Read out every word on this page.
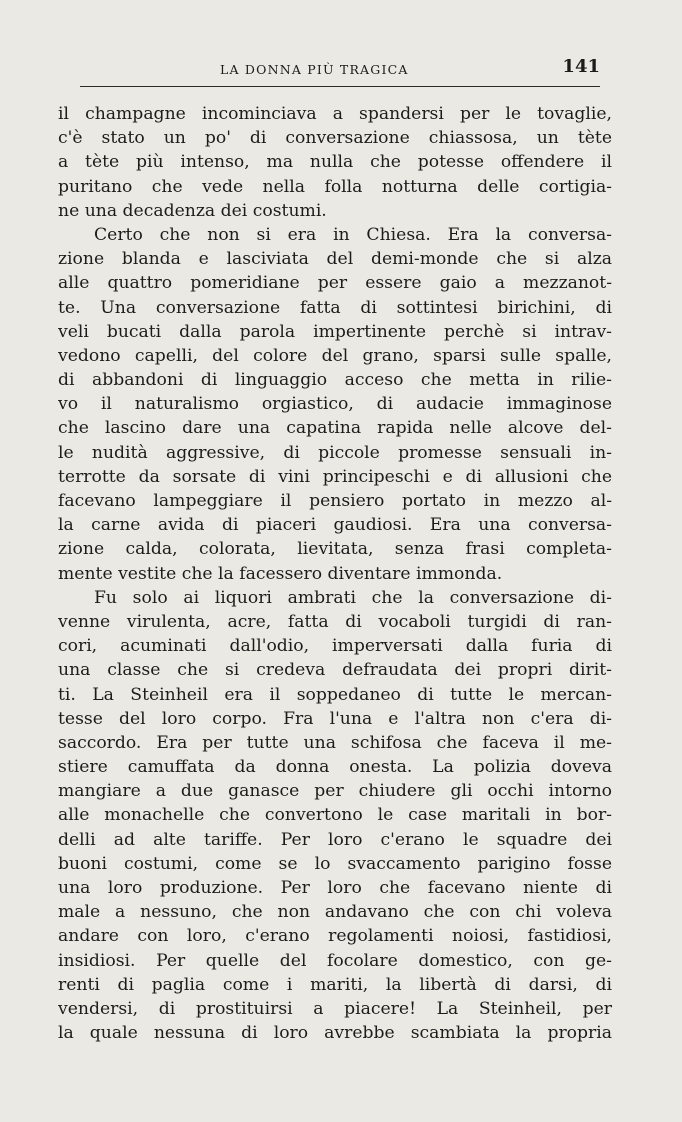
LA DONNA PIÙ TRAGICA	141
il champagne incominciava a spandersi per le tovaglie,
c'è stato un po' di conversazione chiassosa, un tète
a tète più intenso, ma nulla che potesse offendere il
puritano che vede nella folla notturna delle cortigia-
ne una decadenza dei costumi.
Certo che non si era in Chiesa. Era la conversa-
zione blanda e lasciviata del demi-monde che si alza
alle quattro pomeridiane per essere gaio a mezzanot-
te. Una conversazione fatta di sottintesi birichini, di
veli bucati dalla parola impertinente perchè si intrav-
vedono capelli, del colore del grano, sparsi sulle spalle,
di abbandoni di linguaggio acceso che metta in rilie-
vo il naturalismo orgiastico, di audacie immaginose
che lascino dare una capatina rapida nelle alcove del-
le nudità aggressive, di piccole promesse sensuali in-
terrotte da sorsate di vini principeschi e di allusioni che
facevano lampeggiare il pensiero portato in mezzo al-
la carne avida di piaceri gaudiosi. Era una conversa-
zione calda, colorata, lievitata, senza frasi completa-
mente vestite che la facessero diventare immonda.
Fu solo ai liquori ambrati che la conversazione di-
venne virulenta, acre, fatta di vocaboli turgidi di ran-
cori, acuminati dall'odio, imperversati dalla furia di
una classe che si credeva defraudata dei propri dirit-
ti. La Steinheil era il soppedaneo di tutte le mercan-
tesse del loro corpo. Fra l'una e l'altra non c'era di-
saccordo. Era per tutte una schifosa che faceva il me-
stiere camuffata da donna onesta. La polizia doveva
mangiare a due ganasce per chiudere gli occhi intorno
alle monachelle che convertono le case maritali in bor-
delli ad alte tariffe. Per loro c'erano le squadre dei
buoni costumi, come se lo svaccamento parigino fosse
una loro produzione. Per loro che facevano niente di
male a nessuno, che non andavano che con chi voleva
andare con loro, c'erano regolamenti noiosi, fastidiosi,
insidiosi. Per quelle del focolare domestico, con ge-
renti di paglia come i mariti, la libertà di darsi, di
vendersi, di prostituirsi a piacere! La Steinheil, per
la quale nessuna di loro avrebbe scambiata la propria
